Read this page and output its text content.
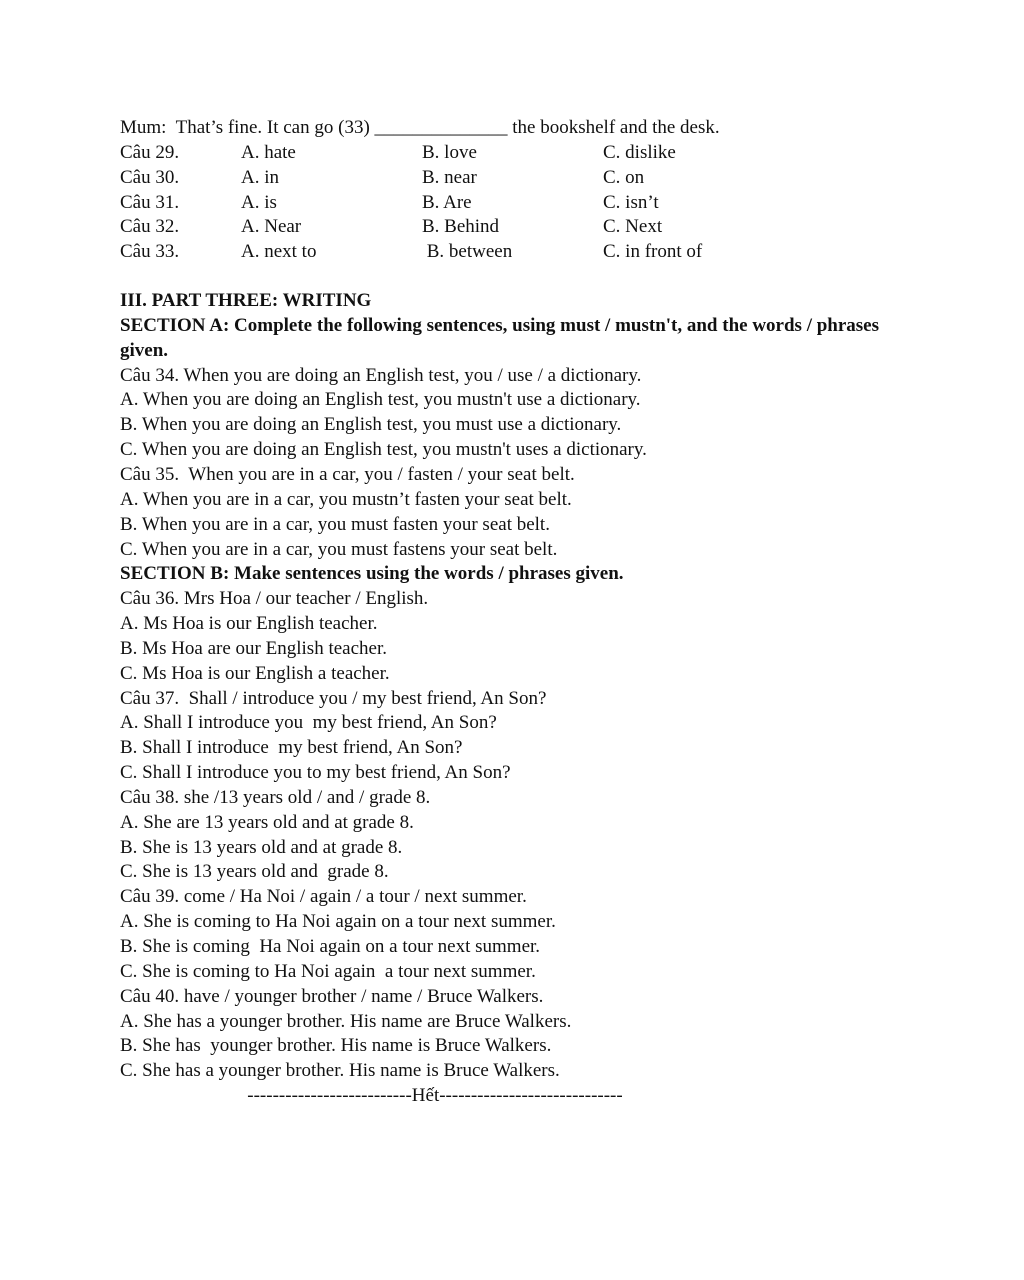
Mum:  That’s fine. It can go (33) ______________ the bookshelf and the desk.
Câu 29.	A. hate	B. love	C. dislike
Câu 30.	A. in	B. near	C. on
Câu 31.	A. is	B. Are	C. isn’t
Câu 32.	A. Near	B. Behind	C. Next
Câu 33.	A. next to	B. between	C. in front of
III. PART THREE: WRITING
SECTION A: Complete the following sentences, using must / mustn't, and the words / phrases given.
Câu 34. When you are doing an English test, you / use / a dictionary.
A. When you are doing an English test, you mustn't use a dictionary.
B. When you are doing an English test, you must use a dictionary.
C. When you are doing an English test, you mustn't uses a dictionary.
Câu 35.  When you are in a car, you / fasten / your seat belt.
A. When you are in a car, you mustn’t fasten your seat belt.
B. When you are in a car, you must fasten your seat belt.
C. When you are in a car, you must fastens your seat belt.
SECTION B: Make sentences using the words / phrases given.
Câu 36. Mrs Hoa / our teacher / English.
A. Ms Hoa is our English teacher.
B. Ms Hoa are our English teacher.
C. Ms Hoa is our English a teacher.
Câu 37.  Shall / introduce you / my best friend, An Son?
A. Shall I introduce you  my best friend, An Son?
B. Shall I introduce  my best friend, An Son?
C. Shall I introduce you to my best friend, An Son?
Câu 38. she /13 years old / and / grade 8.
A. She are 13 years old and at grade 8.
B. She is 13 years old and at grade 8.
C. She is 13 years old and  grade 8.
Câu 39. come / Ha Noi / again / a tour / next summer.
A. She is coming to Ha Noi again on a tour next summer.
B. She is coming  Ha Noi again on a tour next summer.
C. She is coming to Ha Noi again  a tour next summer.
Câu 40. have / younger brother / name / Bruce Walkers.
A. She has a younger brother. His name are Bruce Walkers.
B. She has  younger brother. His name is Bruce Walkers.
C. She has a younger brother. His name is Bruce Walkers.
--------------------------Hết-----------------------------
